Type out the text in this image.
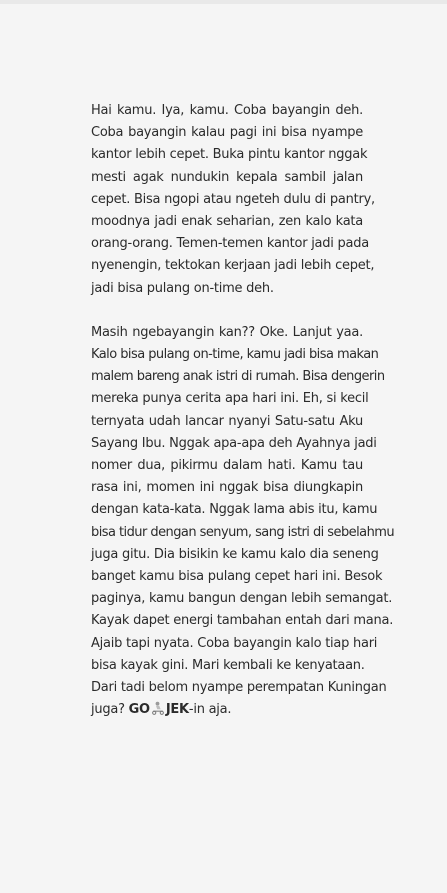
Hai kamu. Iya, kamu. Coba bayangin deh.
Coba bayangin kalau pagi ini bisa nyampe
kantor lebih cepet. Buka pintu kantor nggak
mesti agak nundukin kepala sambil jalan
cepet. Bisa ngopi atau ngeteh dulu di pantry,
moodnya jadi enak seharian, zen kalo kata
orang-orang. Temen-temen kantor jadi pada
nyenengin, tektokan kerjaan jadi lebih cepet,
jadi bisa pulang on-time deh.
Masih ngebayangin kan?? Oke. Lanjut yaa.
Kalo bisa pulang on-time, kamu jadi bisa makan
malem bareng anak istri di rumah. Bisa dengerin
mereka punya cerita apa hari ini. Eh, si kecil
ternyata udah lancar nyanyi Satu-satu Aku
Sayang Ibu. Nggak apa-apa deh Ayahnya jadi
nomer dua, pikirmu dalam hati. Kamu tau
rasa ini, momen ini nggak bisa diungkapin
dengan kata-kata. Nggak lama abis itu, kamu
bisa tidur dengan senyum, sang istri di sebelahmu
juga gitu. Dia bisikin ke kamu kalo dia seneng
banget kamu bisa pulang cepet hari ini. Besok
paginya, kamu bangun dengan lebih semangat.
Kayak dapet energi tambahan entah dari mana.
Ajaib tapi nyata. Coba bayangin kalo tiap hari
bisa kayak gini. Mari kembali ke kenyataan.
Dari tadi belom nyampe perempatan Kuningan
juga? GO JEK-in aja.
